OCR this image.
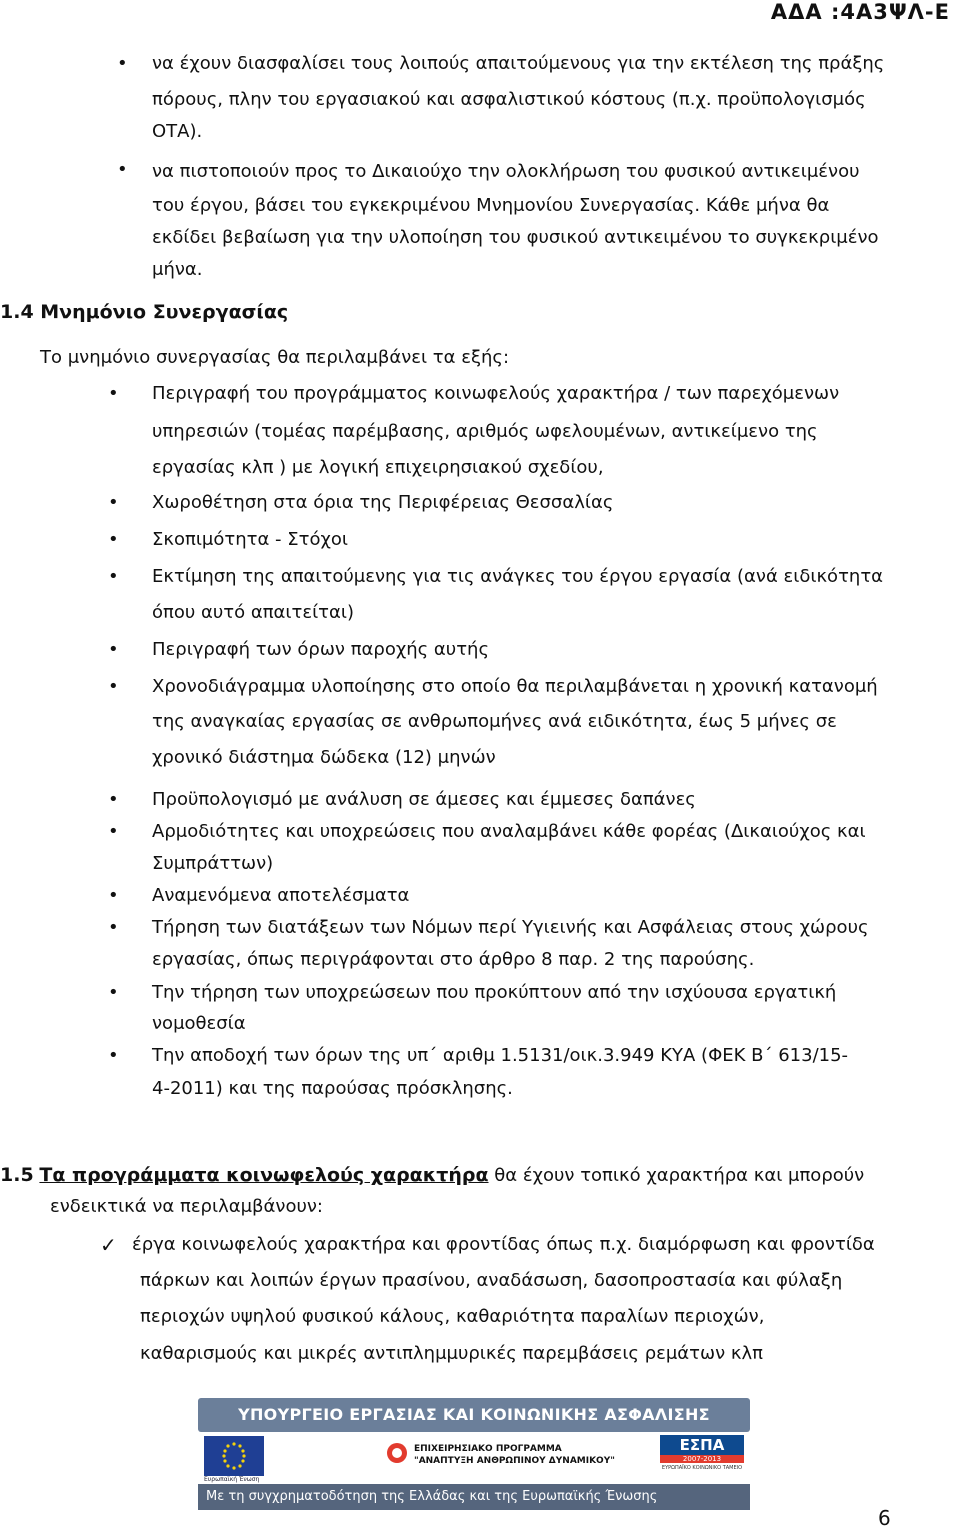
ΑΔΑ :4Α3ΨΛ-Ε
• να έχουν διασφαλίσει τους λοιπούς απαιτούμενους για την εκτέλεση της πράξης
πόρους, πλην του εργασιακού και ασφαλιστικού κόστους (π.χ. προϋπολογισμός
ΟΤΑ).
• να πιστοποιούν προς το Δικαιούχο την ολοκλήρωση του φυσικού αντικειμένου
του έργου, βάσει του εγκεκριμένου Μνημονίου Συνεργασίας. Κάθε μήνα θα
εκδίδει βεβαίωση για την υλοποίηση του φυσικού αντικειμένου το συγκεκριμένο
μήνα.
1.4 Μνημόνιο Συνεργασίας
Το μνημόνιο συνεργασίας θα περιλαμβάνει τα εξής:
• Περιγραφή του προγράμματος κοινωφελούς χαρακτήρα / των παρεχόμενων
υπηρεσιών (τομέας παρέμβασης, αριθμός ωφελουμένων, αντικείμενο της
εργασίας κλπ ) με λογική επιχειρησιακού σχεδίου,
• Χωροθέτηση στα όρια της Περιφέρειας Θεσσαλίας
• Σκοπιμότητα - Στόχοι
• Εκτίμηση της απαιτούμενης για τις ανάγκες του έργου εργασία (ανά ειδικότητα
όπου αυτό απαιτείται)
• Περιγραφή των όρων παροχής αυτής
• Χρονοδιάγραμμα υλοποίησης στο οποίο θα περιλαμβάνεται η χρονική κατανομή
της αναγκαίας εργασίας σε ανθρωπομήνες ανά ειδικότητα, έως 5 μήνες σε
χρονικό διάστημα δώδεκα (12) μηνών
• Προϋπολογισμό με ανάλυση σε άμεσες και έμμεσες δαπάνες
• Αρμοδιότητες και υποχρεώσεις που αναλαμβάνει κάθε φορέας (Δικαιούχος και
Συμπράττων)
• Αναμενόμενα αποτελέσματα
• Τήρηση των διατάξεων των Νόμων περί Υγιεινής και Ασφάλειας στους χώρους
εργασίας, όπως περιγράφονται στο άρθρο 8 παρ. 2 της παρούσης.
• Την τήρηση των υποχρεώσεων που προκύπτουν από την ισχύουσα εργατική
νομοθεσία
• Την αποδοχή των όρων της υπ΄ αριθμ 1.5131/οικ.3.949 ΚΥΑ (ΦΕΚ Β΄ 613/15-
4-2011) και της παρούσας πρόσκλησης.
1.5 Τα προγράμματα κοινωφελούς χαρακτήρα θα έχουν τοπικό χαρακτήρα και μπορούν
ενδεικτικά να περιλαμβάνουν:
✓ έργα κοινωφελούς χαρακτήρα και φροντίδας όπως π.χ. διαμόρφωση και φροντίδα
πάρκων και λοιπών έργων πρασίνου, αναδάσωση, δασοπροστασία και φύλαξη
περιοχών υψηλού φυσικού κάλους, καθαριότητα παραλίων περιοχών,
καθαρισμούς και μικρές αντιπλημμυρικές παρεμβάσεις ρεμάτων κλπ
ΥΠΟΥΡΓΕΙΟ ΕΡΓΑΣΙΑΣ ΚΑΙ ΚΟΙΝΩΝΙΚΗΣ ΑΣΦΑΛΙΣΗΣ
Ευρωπαϊκή Ένωση
ΕΠΙΧΕΙΡΗΣΙΑΚΟ ΠΡΟΓΡΑΜΜΑ
"ΑΝΑΠΤΥΞΗ ΑΝΘΡΩΠΙΝΟΥ ΔΥΝΑΜΙΚΟΥ"
ΕΣΠΑ
2007-2013
ΕΥΡΩΠΑΪΚΟ ΚΟΙΝΩΝΙΚΟ ΤΑΜΕΙΟ
Με τη συγχρηματοδότηση της Ελλάδας και της Ευρωπαϊκής Ένωσης
6
